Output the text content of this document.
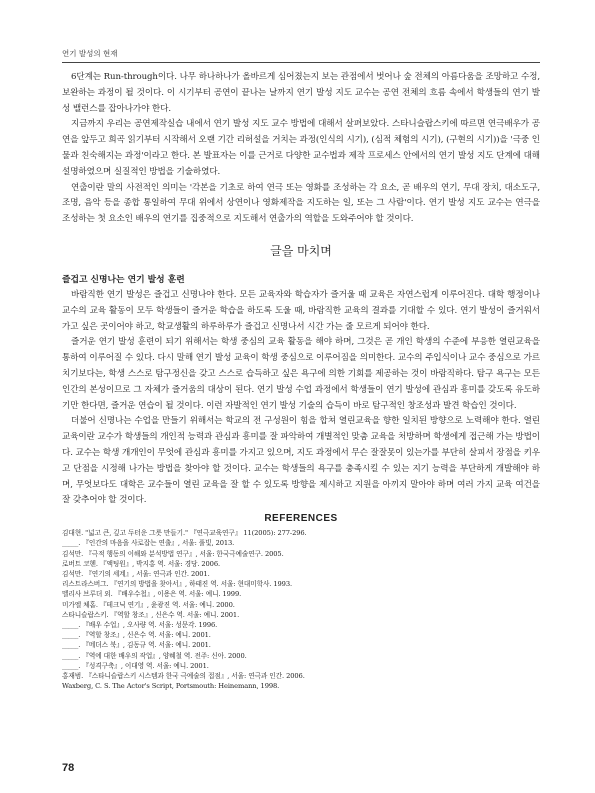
연기 발성의 현재

6단계는 Run-through이다. 나무 하나하나가 올바르게 심어졌는지 보는 관점에서 벗어나 숲 전체의 아름다움을 조망하고 수정, 보완하는 과정이 될 것이다. 이 시기부터 공연이 끝나는 날까지 연기 발성 지도 교수는 공연 전체의 흐름 속에서 학생들의 연기 발성 밸런스를 잡아나가야 한다.

지금까지 우리는 공연제작실습 내에서 연기 발성 지도 교수 방법에 대해서 살펴보았다. 스타니슬랍스키에 따르면 연극배우가 공연을 앞두고 희곡 읽기부터 시작해서 오랜 기간 리허설을 거치는 과정(인식의 시기), (심적 체험의 시기), (구현의 시기))을 '극중 인물과 친숙해지는 과정'이라고 한다. 본 발표자는 이를 근거로 다양한 교수법과 제작 프로세스 안에서의 연기 발성 지도 단계에 대해 설명하였으며 실질적인 방법을 기술하였다.

연출이란 말의 사전적인 의미는 '각본을 기초로 하여 연극 또는 영화를 조성하는 각 요소, 곧 배우의 연기, 무대 장치, 대소도구, 조명, 음악 등을 종합 통일하여 무대 위에서 상연이나 영화제작을 지도하는 일, 또는 그 사람'이다. 연기 발성 지도 교수는 연극을 조성하는 첫 요소인 배우의 연기를 집중적으로 지도해서 연출가의 역할을 도와주어야 할 것이다.

글을 마치며
즐겁고 신명나는 연기 발성 훈련

바람직한 연기 발성은 즐겁고 신명나야 한다. 모든 교육자와 학습자가 즐거울 때 교육은 자연스럽게 이루어진다. 대학 행정이나 교수의 교육 활동이 모두 학생들이 즐거운 학습을 하도록 도울 때, 바람직한 교육의 결과를 기대할 수 있다. 연기 발성이 즐거워서 가고 싶은 곳이어야 하고, 학교생활의 하루하루가 즐겁고 신명나서 시간 가는 줄 모르게 되어야 한다.

즐거운 연기 발성 훈련이 되기 위해서는 학생 중심의 교육 활동을 해야 하며, 그것은 곧 개인 학생의 수준에 부응한 열린교육을 통하여 이루어질 수 있다. 다시 말해 연기 발성 교육이 학생 중심으로 이루어짐을 의미한다. 교수의 주입식이나 교수 중심으로 가르치기보다는, 학생 스스로 탐구정신을 갖고 스스로 습득하고 싶은 욕구에 의한 기회를 제공하는 것이 바람직하다. 탐구 욕구는 모든 인간의 본성이므로 그 자체가 즐거움의 대상이 된다. 연기 발성 수업 과정에서 학생들이 연기 발성에 관심과 흥미를 갖도록 유도하기만 한다면, 즐거운 연습이 될 것이다. 이런 자발적인 연기 발성 기술의 습득이 바로 탐구적인 창조성과 발견 학습인 것이다.

더불어 신명나는 수업을 만들기 위해서는 학교의 전 구성원이 힘을 합쳐 열린교육을 향한 일치된 방향으로 노력해야 한다. 열린 교육이란 교수가 학생들의 개인적 능력과 관심과 흥미를 잘 파악하여 개별적인 맞춤 교육을 처방하며 학생에게 접근해 가는 방법이다. 교수는 학생 개개인이 무엇에 관심과 흥미를 가지고 있으며, 지도 과정에서 무슨 잘잘못이 있는가를 부단히 살피서 장점을 키우고 단점을 시정해 나가는 방법을 찾아야 할 것이다. 교수는 학생들의 욕구를 충족시킬 수 있는 지기 능력을 부단하게 개발해야 하며, 무엇보다도 대학은 교수들이 열린 교육을 잘 할 수 있도록 방향을 제시하고 지원을 아끼지 말아야 하며 여러 가지 교육 여건을 잘 갖추어야 할 것이다.

REFERENCES

김대현. "넓고 큰, 깊고 두터운 그릇 만들기." 『연극교육연구』 11(2005): 277-296.

_____. 『인간의 마음을 사로잡는 연출』, 서울: 풀빛, 2013.

김석만. 『극적 행동의 이해와 분석방법 연구』, 서울: 한국극예술연구. 2005.

로버트 코헨. 『액팅원』, 박지홍 역. 서울: 경당. 2006.

김석만. 『연기의 세계』, 서울: 연극과 인간. 2001.

리스트라스버그. 『연기의 방법을 찾아서』, 하태진 역. 서울: 현대미학사. 1993.

멜리사 브루더 외. 『배우수첩』, 이용은 역. 서울: 예니. 1999.

미가엘 체홉. 『테크닉 연기』, 윤광진 역. 서울: 예니. 2000.

스타니슬랍스키. 『역할 창조』, 신은수 역. 서울: 예니. 2001.

_____. 『배우 수업』, 오사량 역. 서울: 성문각. 1996.

_____. 『역할 창조』, 신은수 역. 서울: 예니. 2001.

_____. 『메더스 북』, 김동규 역. 서울: 예니. 2001.

_____. 『역에 대한 배우의 작업』, 양혜철 역. 전주: 신아. 2000.

_____. 『성격구축』, 이대영 역. 서울: 예니. 2001.

홍재범. 『스타니슬랍스키 시스템과 한국 극예술의 접점』, 서울: 연극과 인간. 2006.

Waxberg, C. S. The Actor's Script, Portsmouth: Heinemann, 1998.

78
